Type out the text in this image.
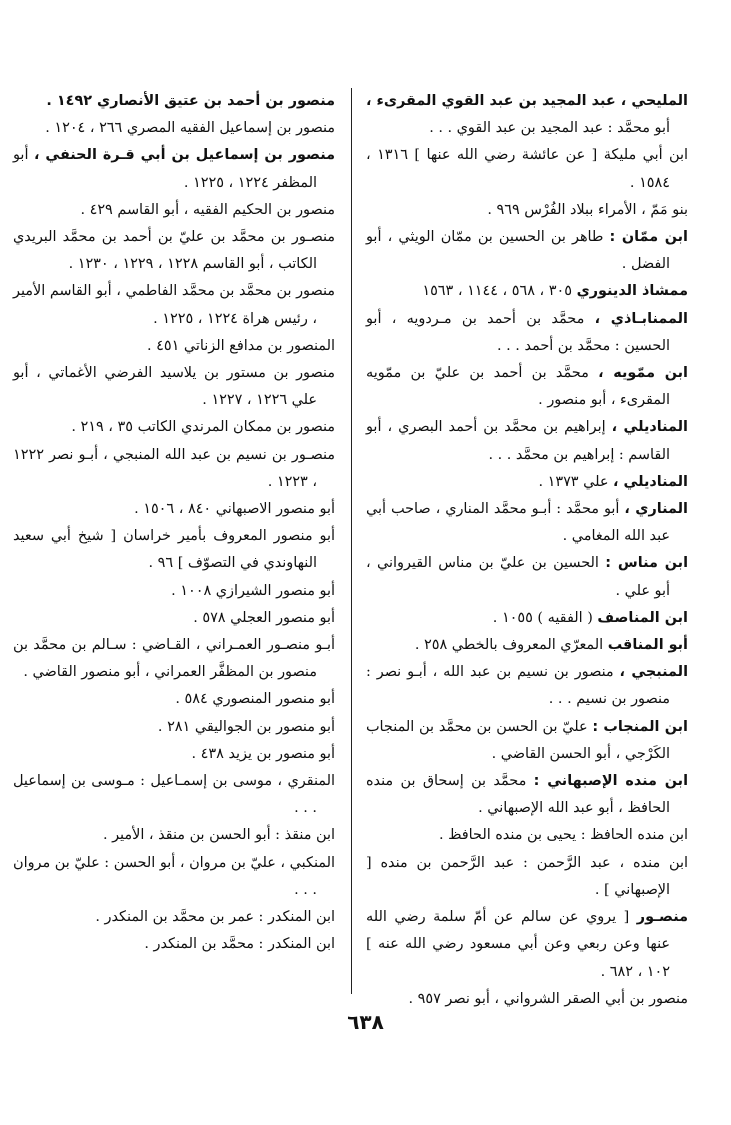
المليحي ، عبد المجيد بن عبد القوي المقرىء ، أبو محمَّد : عبد المجيد بن عبد القوي . . .

ابن أبي مليكة [ عن عائشة رضي الله عنها ] ١٣١٦ ، ١٥٨٤ .

بنو مَمّ ، الأمراء ببلاد الفُرْس ٩٦٩ .

ابن ممّان : طاهر بن الحسين بن ممّان الويثي ، أبو الفضل .

ممشاذ الدينوري ٣٠٥ ، ٥٦٨ ، ١١٤٤ ، ١٥٦٣

الممنابـاذي ، محمَّد بن أحمد بن مـردويه ، أبو الحسين : محمَّد بن أحمد . . .

ابن ممّويه ، محمَّد بن أحمد بن عليّ بن ممّويه المقرىء ، أبو منصور .

المناديلي ، إبراهيم بن محمَّد بن أحمد البصري ، أبو القاسم : إبراهيم بن محمَّد . . .

المناديلي ، علي ١٣٧٣ .

المناري ، أبو محمَّد : أبـو محمَّد المناري ، صاحب أبي عبد الله المغامي .

ابن مناس : الحسين بن عليّ بن مناس القيرواني ، أبو علي .

ابن المناصف ( الفقيه ) ١٠٥٥ .

أبو المناقب المعرّي المعروف بالخطي ٢٥٨ .

المنبجي ، منصور بن نسيم بن عبد الله ، أبـو نصر : منصور بن نسيم . . .

ابن المنجاب : عليّ بن الحسن بن محمَّد بن المنجاب الكَرْجي ، أبو الحسن القاضي .

ابن منده الإصبهاني : محمَّد بن إسحاق بن منده الحافظ ، أبو عبد الله الإصبهاني .

ابن منده الحافظ : يحيى بن منده الحافظ .

ابن منده ، عبد الرَّحمن : عبد الرَّحمن بن منده [ الإصبهاني ] .

منصـور [ يروي عن سالم عن أمّ سلمة رضي الله عنها وعن ربعي وعن أبي مسعود رضي الله عنه ] ١٠٢ ، ٦٨٢ .

منصور بن أبي الصقر الشرواني ، أبو نصر ٩٥٧ .

منصور بن أحمد بن عتيق الأنصاري ١٤٩٢ .

منصور بن إسماعيل الفقيه المصري ٢٦٦ ، ١٢٠٤ .

منصور بن إسماعيل بن أبي قـرة الحنفي ، أبو المظفر ١٢٢٤ ، ١٢٢٥ .

منصور بن الحكيم الفقيه ، أبو القاسم ٤٢٩ .

منصـور بن محمَّد بن عليّ بن أحمد بن محمَّد البريدي الكاتب ، أبو القاسم ١٢٢٨ ، ١٢٢٩ ، ١٢٣٠ .

منصور بن محمَّد بن محمَّد الفاطمي ، أبو القاسم الأمير ، رئيس هراة ١٢٢٤ ، ١٢٢٥ .

المنصور بن مدافع الزناتي ٤٥١ .

منصور بن مستور بن يلاسيد الفرضي الأغماتي ، أبو علي ١٢٢٦ ، ١٢٢٧ .

منصور بن ممكان المرندي الكاتب ٣٥ ، ٢١٩ .

منصـور بن نسيم بن عبد الله المنبجي ، أبـو نصر ١٢٢٢ ، ١٢٢٣ .

أبو منصور الاصبهاني ٨٤٠ ، ١٥٠٦ .

أبو منصور المعروف بأمير خراسان [ شيخ أبي سعيد النهاوندي في التصوّف ] ٩٦ .

أبو منصور الشيرازي ١٠٠٨ .

أبو منصور العجلي ٥٧٨ .

أبـو منصـور العمـراني ، القـاضي : سـالم بن محمَّد بن منصور بن المظفَّر العمراني ، أبو منصور القاضي .

أبو منصور المنصوري ٥٨٤ .

أبو منصور بن الجواليقي ٢٨١ .

أبو منصور بن يزيد ٤٣٨ .

المنقري ، موسى بن إسمـاعيل : مـوسى بن إسماعيل . . .

ابن منقذ : أبو الحسن بن منقذ ، الأمير .

المنكبي ، عليّ بن مروان ، أبو الحسن : عليّ بن مروان . . .

ابن المنكدر : عمر بن محمَّد بن المنكدر .

ابن المنكدر : محمَّد بن المنكدر .

٦٣٨
